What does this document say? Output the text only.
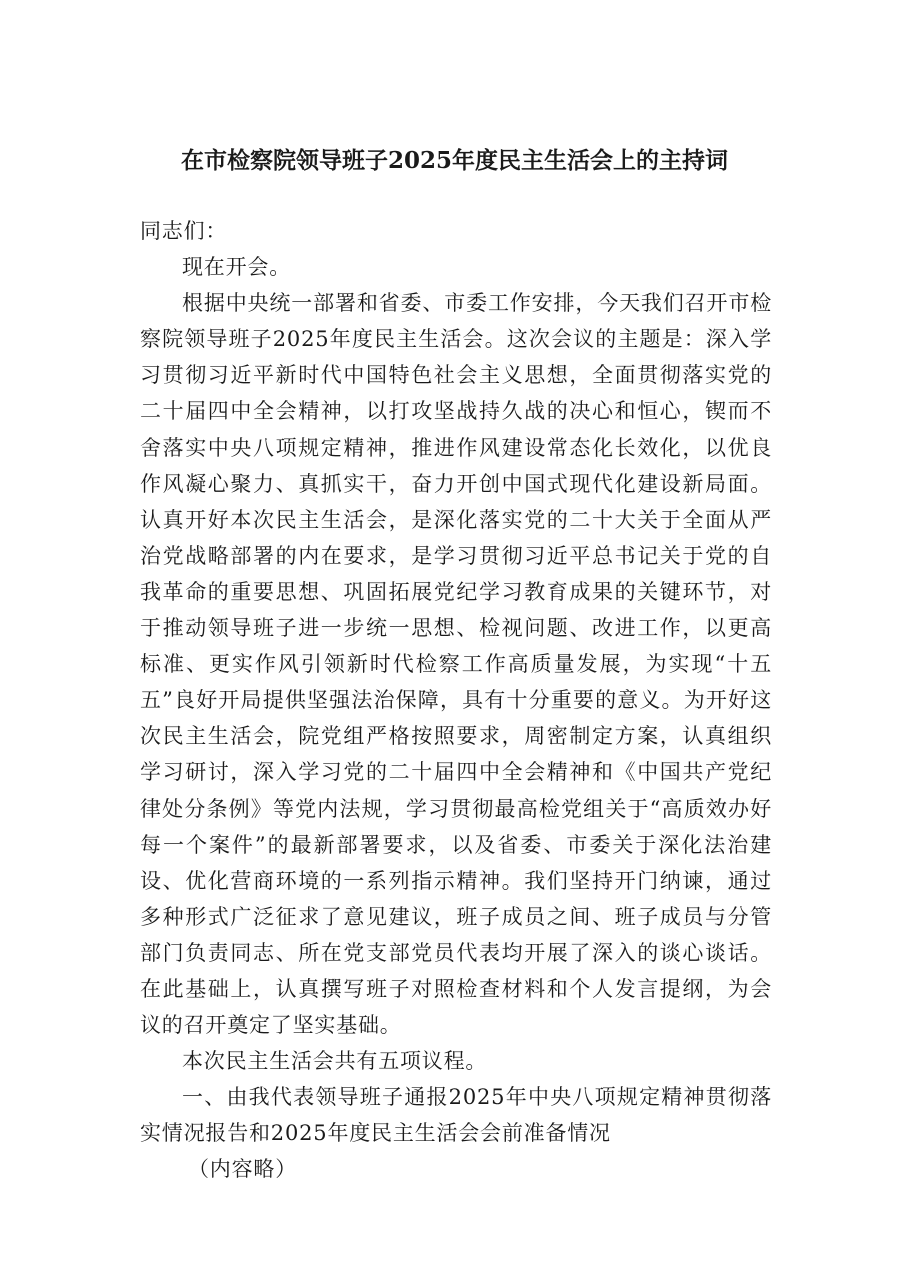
在市检察院领导班子2025年度民主生活会上的主持词

同志们：

现在开会。

根据中央统一部署和省委、市委工作安排，今天我们召开市检察院领导班子2025年度民主生活会。这次会议的主题是：深入学习贯彻习近平新时代中国特色社会主义思想，全面贯彻落实党的二十届四中全会精神，以打攻坚战持久战的决心和恒心，锲而不舍落实中央八项规定精神，推进作风建设常态化长效化，以优良作风凝心聚力、真抓实干，奋力开创中国式现代化建设新局面。认真开好本次民主生活会，是深化落实党的二十大关于全面从严治党战略部署的内在要求，是学习贯彻习近平总书记关于党的自我革命的重要思想、巩固拓展党纪学习教育成果的关键环节，对于推动领导班子进一步统一思想、检视问题、改进工作，以更高标准、更实作风引领新时代检察工作高质量发展，为实现“十五五”良好开局提供坚强法治保障，具有十分重要的意义。为开好这次民主生活会，院党组严格按照要求，周密制定方案，认真组织学习研讨，深入学习党的二十届四中全会精神和《中国共产党纪律处分条例》等党内法规，学习贯彻最高检党组关于“高质效办好每一个案件”的最新部署要求，以及省委、市委关于深化法治建设、优化营商环境的一系列指示精神。我们坚持开门纳谏，通过多种形式广泛征求了意见建议，班子成员之间、班子成员与分管部门负责同志、所在党支部党员代表均开展了深入的谈心谈话。在此基础上，认真撰写班子对照检查材料和个人发言提纲，为会议的召开奠定了坚实基础。

本次民主生活会共有五项议程。

一、由我代表领导班子通报2025年中央八项规定精神贯彻落实情况报告和2025年度民主生活会会前准备情况

（内容略）
